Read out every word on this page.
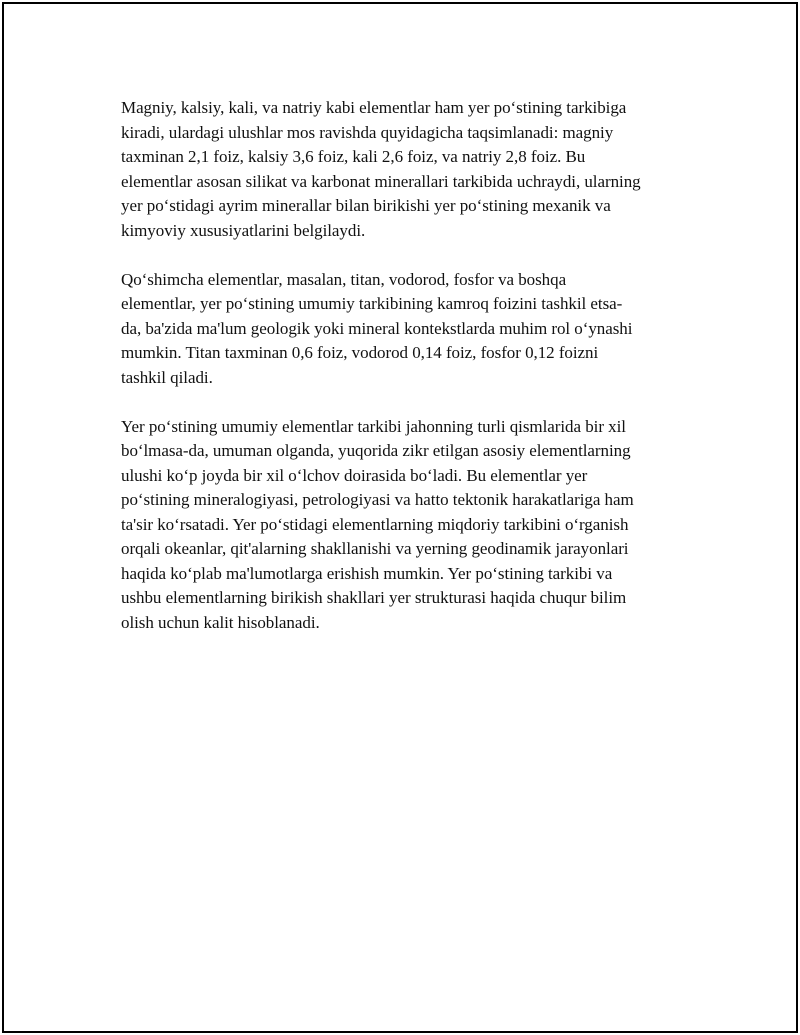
Magniy, kalsiy, kali, va natriy kabi elementlar ham yer po‘stining tarkibiga
kiradi, ulardagi ulushlar mos ravishda quyidagicha taqsimlanadi: magniy
taxminan 2,1 foiz, kalsiy 3,6 foiz, kali 2,6 foiz, va natriy 2,8 foiz. Bu
elementlar asosan silikat va karbonat minerallari tarkibida uchraydi, ularning
yer po‘stidagi ayrim minerallar bilan birikishi yer po‘stining mexanik va
kimyoviy xususiyatlarini belgilaydi.

Qo‘shimcha elementlar, masalan, titan, vodorod, fosfor va boshqa
elementlar, yer po‘stining umumiy tarkibining kamroq foizini tashkil etsa-
da, ba'zida ma'lum geologik yoki mineral kontekstlarda muhim rol o‘ynashi
mumkin. Titan taxminan 0,6 foiz, vodorod 0,14 foiz, fosfor 0,12 foizni
tashkil qiladi.

Yer po‘stining umumiy elementlar tarkibi jahonning turli qismlarida bir xil
bo‘lmasa-da, umuman olganda, yuqorida zikr etilgan asosiy elementlarning
ulushi ko‘p joyda bir xil o‘lchov doirasida bo‘ladi. Bu elementlar yer
po‘stining mineralogiyasi, petrologiyasi va hatto tektonik harakatlariga ham
ta'sir ko‘rsatadi. Yer po‘stidagi elementlarning miqdoriy tarkibini o‘rganish
orqali okeanlar, qit'alarning shakllanishi va yerning geodinamik jarayonlari
haqida ko‘plab ma'lumotlarga erishish mumkin. Yer po‘stining tarkibi va
ushbu elementlarning birikish shakllari yer strukturasi haqida chuqur bilim
olish uchun kalit hisoblanadi.
